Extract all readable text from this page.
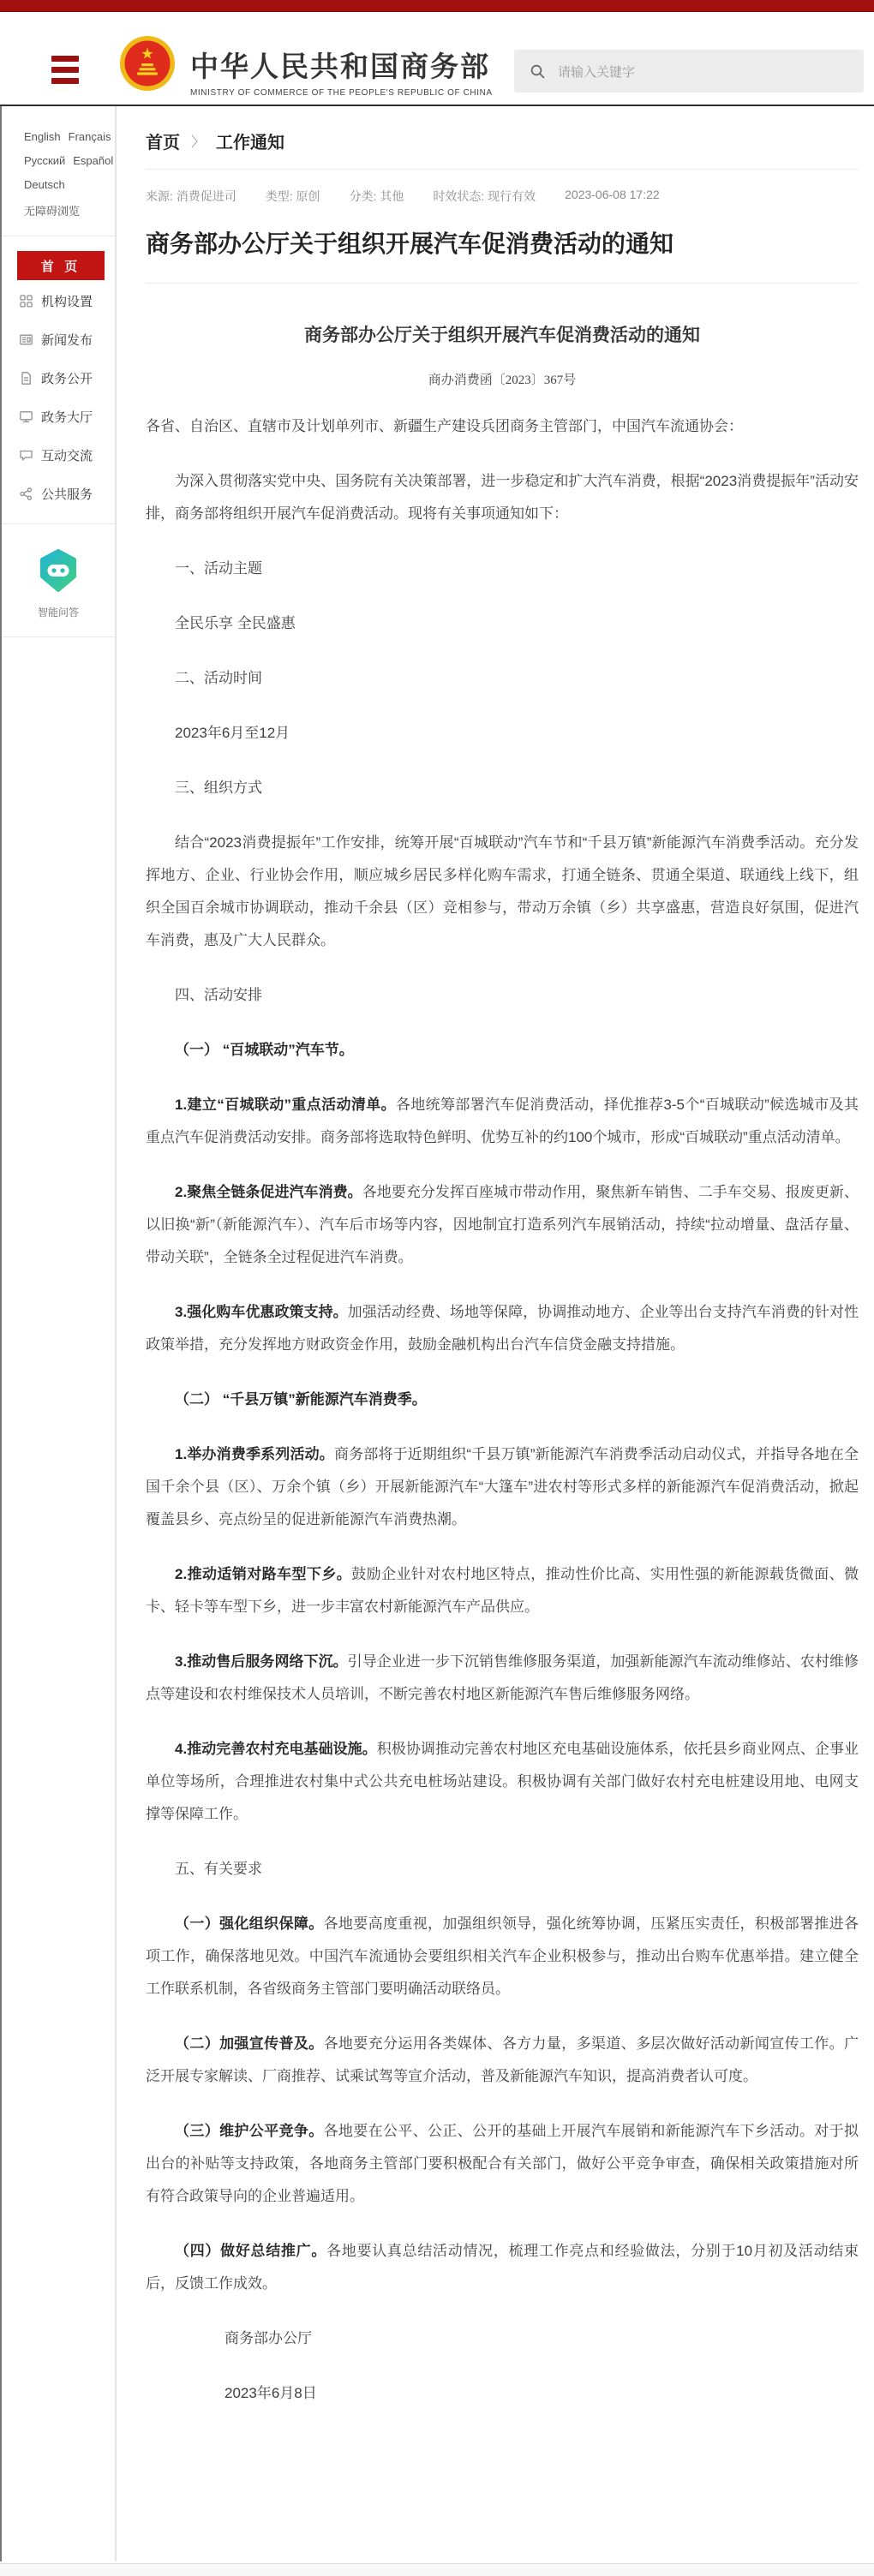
中华人民共和国商务部
MINISTRY OF COMMERCE OF THE PEOPLE'S REPUBLIC OF CHINA
请输入关键字
English Français
Русский Español
Deutsch
无障碍浏览
首 页
机构设置
新闻发布
政务公开
政务大厅
互动交流
公共服务
智能问答
首页 〉 工作通知
来源: 消费促进司 类型: 原创 分类: 其他 时效状态: 现行有效 2023-06-08 17:22
商务部办公厅关于组织开展汽车促消费活动的通知
商务部办公厅关于组织开展汽车促消费活动的通知
商办消费函〔2023〕367号

各省、自治区、直辖市及计划单列市、新疆生产建设兵团商务主管部门，中国汽车流通协会：

为深入贯彻落实党中央、国务院有关决策部署，进一步稳定和扩大汽车消费，根据“2023消费提振年”活动安排，商务部将组织开展汽车促消费活动。现将有关事项通知如下：

一、活动主题

全民乐享 全民盛惠

二、活动时间

2023年6月至12月

三、组织方式

结合“2023消费提振年”工作安排，统筹开展“百城联动”汽车节和“千县万镇”新能源汽车消费季活动。充分发挥地方、企业、行业协会作用，顺应城乡居民多样化购车需求，打通全链条、贯通全渠道、联通线上线下，组织全国百余城市协调联动，推动千余县（区）竞相参与，带动万余镇（乡）共享盛惠，营造良好氛围，促进汽车消费，惠及广大人民群众。

四、活动安排

（一） “百城联动”汽车节。

1.建立“百城联动”重点活动清单。各地统筹部署汽车促消费活动，择优推荐3-5个“百城联动”候选城市及其重点汽车促消费活动安排。商务部将选取特色鲜明、优势互补的约100个城市，形成“百城联动”重点活动清单。

2.聚焦全链条促进汽车消费。各地要充分发挥百座城市带动作用，聚焦新车销售、二手车交易、报废更新、以旧换“新”（新能源汽车）、汽车后市场等内容，因地制宜打造系列汽车展销活动，持续“拉动增量、盘活存量、带动关联”，全链条全过程促进汽车消费。

3.强化购车优惠政策支持。加强活动经费、场地等保障，协调推动地方、企业等出台支持汽车消费的针对性政策举措，充分发挥地方财政资金作用，鼓励金融机构出台汽车信贷金融支持措施。

（二） “千县万镇”新能源汽车消费季。

1.举办消费季系列活动。商务部将于近期组织“千县万镇”新能源汽车消费季活动启动仪式，并指导各地在全国千余个县（区）、万余个镇（乡）开展新能源汽车“大篷车”进农村等形式多样的新能源汽车促消费活动，掀起覆盖县乡、亮点纷呈的促进新能源汽车消费热潮。

2.推动适销对路车型下乡。鼓励企业针对农村地区特点，推动性价比高、实用性强的新能源载货微面、微卡、轻卡等车型下乡，进一步丰富农村新能源汽车产品供应。

3.推动售后服务网络下沉。引导企业进一步下沉销售维修服务渠道，加强新能源汽车流动维修站、农村维修点等建设和农村维保技术人员培训，不断完善农村地区新能源汽车售后维修服务网络。

4.推动完善农村充电基础设施。积极协调推动完善农村地区充电基础设施体系，依托县乡商业网点、企事业单位等场所，合理推进农村集中式公共充电桩场站建设。积极协调有关部门做好农村充电桩建设用地、电网支撑等保障工作。

五、有关要求

（一）强化组织保障。各地要高度重视，加强组织领导，强化统筹协调，压紧压实责任，积极部署推进各项工作，确保落地见效。中国汽车流通协会要组织相关汽车企业积极参与，推动出台购车优惠举措。建立健全工作联系机制，各省级商务主管部门要明确活动联络员。

（二）加强宣传普及。各地要充分运用各类媒体、各方力量，多渠道、多层次做好活动新闻宣传工作。广泛开展专家解读、厂商推荐、试乘试驾等宣介活动，普及新能源汽车知识，提高消费者认可度。

（三）维护公平竞争。各地要在公平、公正、公开的基础上开展汽车展销和新能源汽车下乡活动。对于拟出台的补贴等支持政策，各地商务主管部门要积极配合有关部门，做好公平竞争审查，确保相关政策措施对所有符合政策导向的企业普遍适用。

（四）做好总结推广。各地要认真总结活动情况，梳理工作亮点和经验做法，分别于10月初及活动结束后，反馈工作成效。

商务部办公厅

2023年6月8日
